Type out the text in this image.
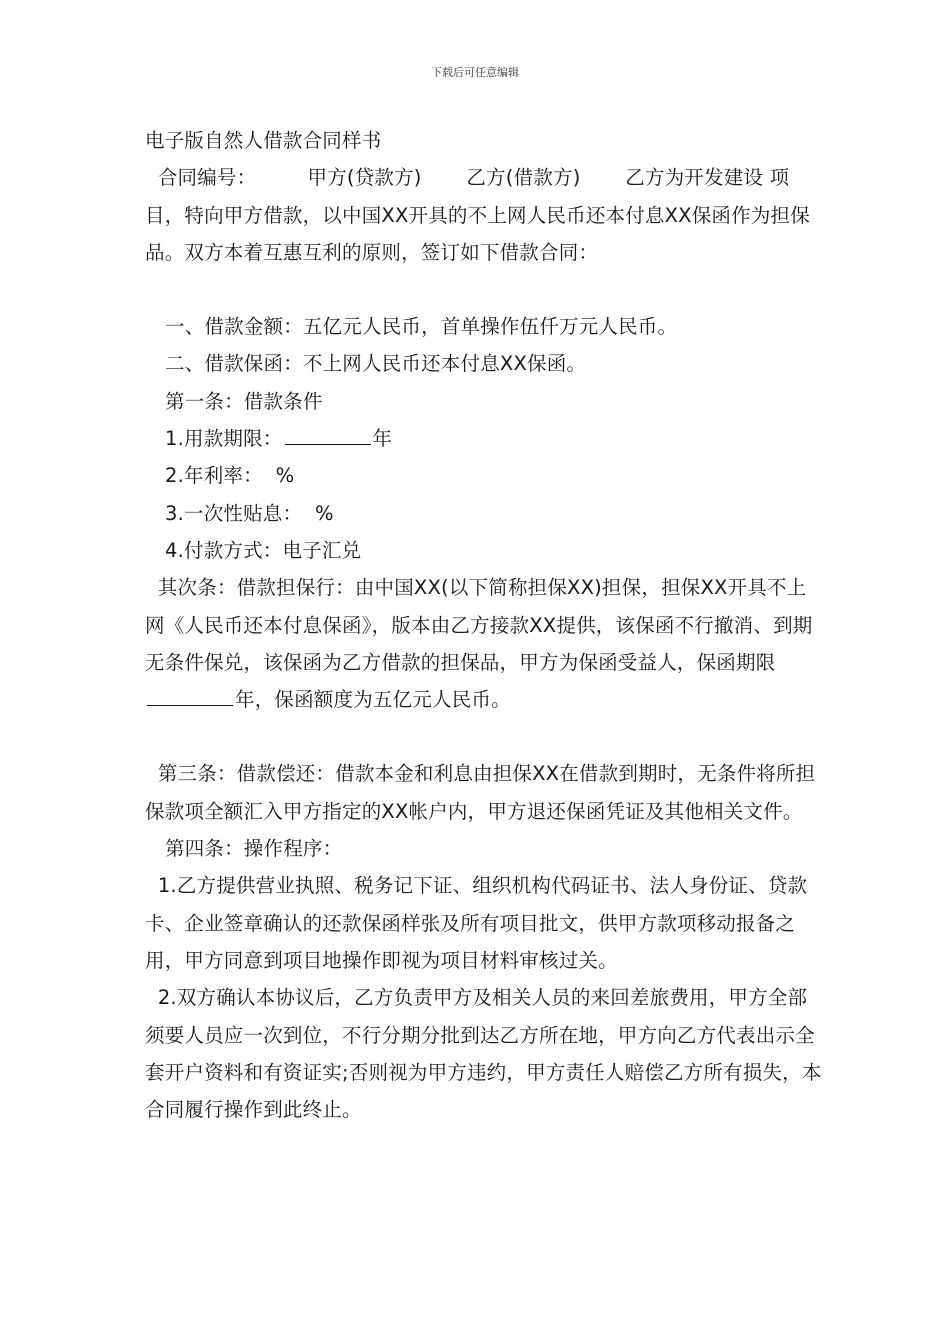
下载后可任意编辑
电子版自然人借款合同样书

合同编号：        甲方(贷款方)       乙方(借款方)       乙方为开发建设 项目，特向甲方借款，以中国XX开具的不上网人民币还本付息XX保函作为担保品。双方本着互惠互利的原则，签订如下借款合同：

一、借款金额：五亿元人民币，首单操作伍仟万元人民币。

二、借款保函：不上网人民币还本付息XX保函。

第一条：借款条件

1.用款期限：	年

2.年利率：  %

3.一次性贴息：  %

4.付款方式：电子汇兑

其次条：借款担保行：由中国XX(以下简称担保XX)担保，担保XX开具不上网《人民币还本付息保函》，版本由乙方接款XX提供，该保函不行撤消、到期无条件保兑，该保函为乙方借款的担保品，甲方为保函受益人，保函期限年，保函额度为五亿元人民币。

第三条：借款偿还：借款本金和利息由担保XX在借款到期时，无条件将所担保款项全额汇入甲方指定的XX帐户内，甲方退还保函凭证及其他相关文件。

第四条：操作程序：

1.乙方提供营业执照、税务记下证、组织机构代码证书、法人身份证、贷款卡、企业签章确认的还款保函样张及所有项目批文，供甲方款项移动报备之用，甲方同意到项目地操作即视为项目材料审核过关。

2.双方确认本协议后，乙方负责甲方及相关人员的来回差旅费用，甲方全部须要人员应一次到位，不行分期分批到达乙方所在地，甲方向乙方代表出示全套开户资料和有资证实;否则视为甲方违约，甲方责任人赔偿乙方所有损失，本合同履行操作到此终止。
